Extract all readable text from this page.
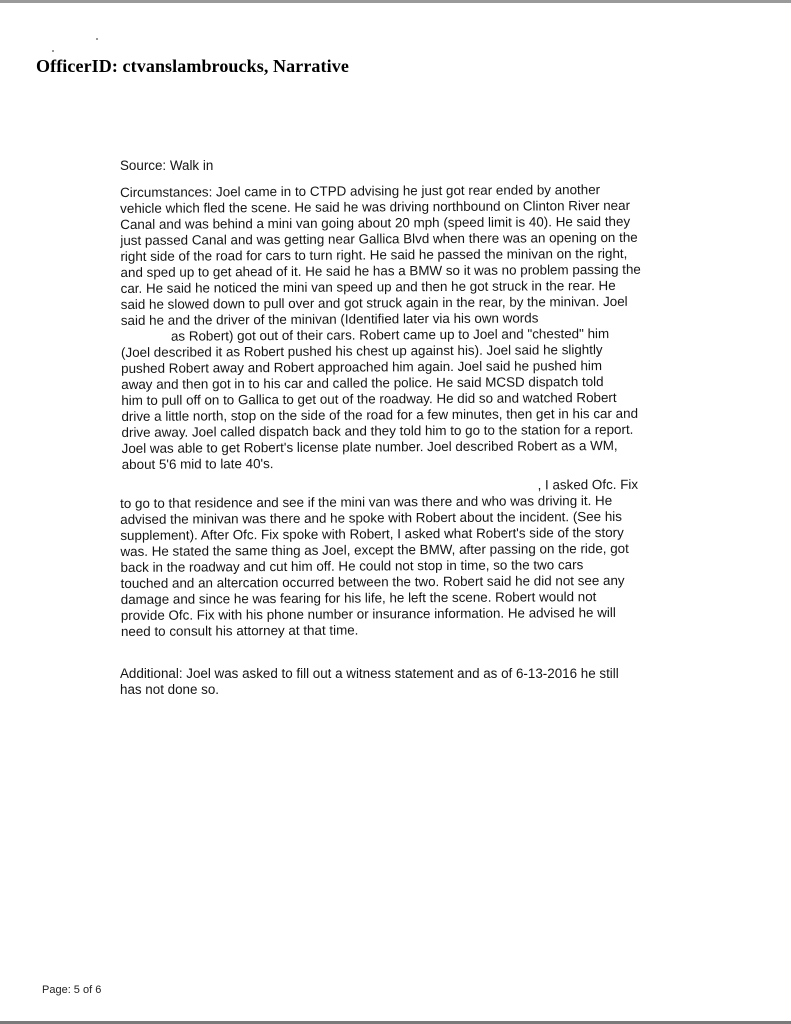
OfficerID: ctvanslambroucks, Narrative
Source: Walk in
Circumstances: Joel came in to CTPD advising he just got rear ended by another
vehicle which fled the scene. He said he was driving northbound on Clinton River near
Canal and was behind a mini van going about 20 mph (speed limit is 40). He said they
just passed Canal and was getting near Gallica Blvd when there was an opening on the
right side of the road for cars to turn right. He said he passed the minivan on the right,
and sped up to get ahead of it. He said he has a BMW so it was no problem passing the
car. He said he noticed the mini van speed up and then he got struck in the rear. He
said he slowed down to pull over and got struck again in the rear, by the minivan. Joel
said he and the driver of the minivan (Identified later via his own words
as Robert) got out of their cars. Robert came up to Joel and "chested" him
(Joel described it as Robert pushed his chest up against his). Joel said he slightly
pushed Robert away and Robert approached him again. Joel said he pushed him
away and then got in to his car and called the police. He said MCSD dispatch told
him to pull off on to Gallica to get out of the roadway. He did so and watched Robert
drive a little north, stop on the side of the road for a few minutes, then get in his car and
drive away. Joel called dispatch back and they told him to go to the station for a report.
Joel was able to get Robert's license plate number. Joel described Robert as a WM,
about 5'6 mid to late 40's.
, I asked Ofc. Fix
to go to that residence and see if the mini van was there and who was driving it. He
advised the minivan was there and he spoke with Robert about the incident. (See his
supplement). After Ofc. Fix spoke with Robert, I asked what Robert's side of the story
was. He stated the same thing as Joel, except the BMW, after passing on the ride, got
back in the roadway and cut him off. He could not stop in time, so the two cars
touched and an altercation occurred between the two. Robert said he did not see any
damage and since he was fearing for his life, he left the scene. Robert would not
provide Ofc. Fix with his phone number or insurance information. He advised he will
need to consult his attorney at that time.
Additional: Joel was asked to fill out a witness statement and as of 6-13-2016 he still
has not done so.
Page: 5 of 6
